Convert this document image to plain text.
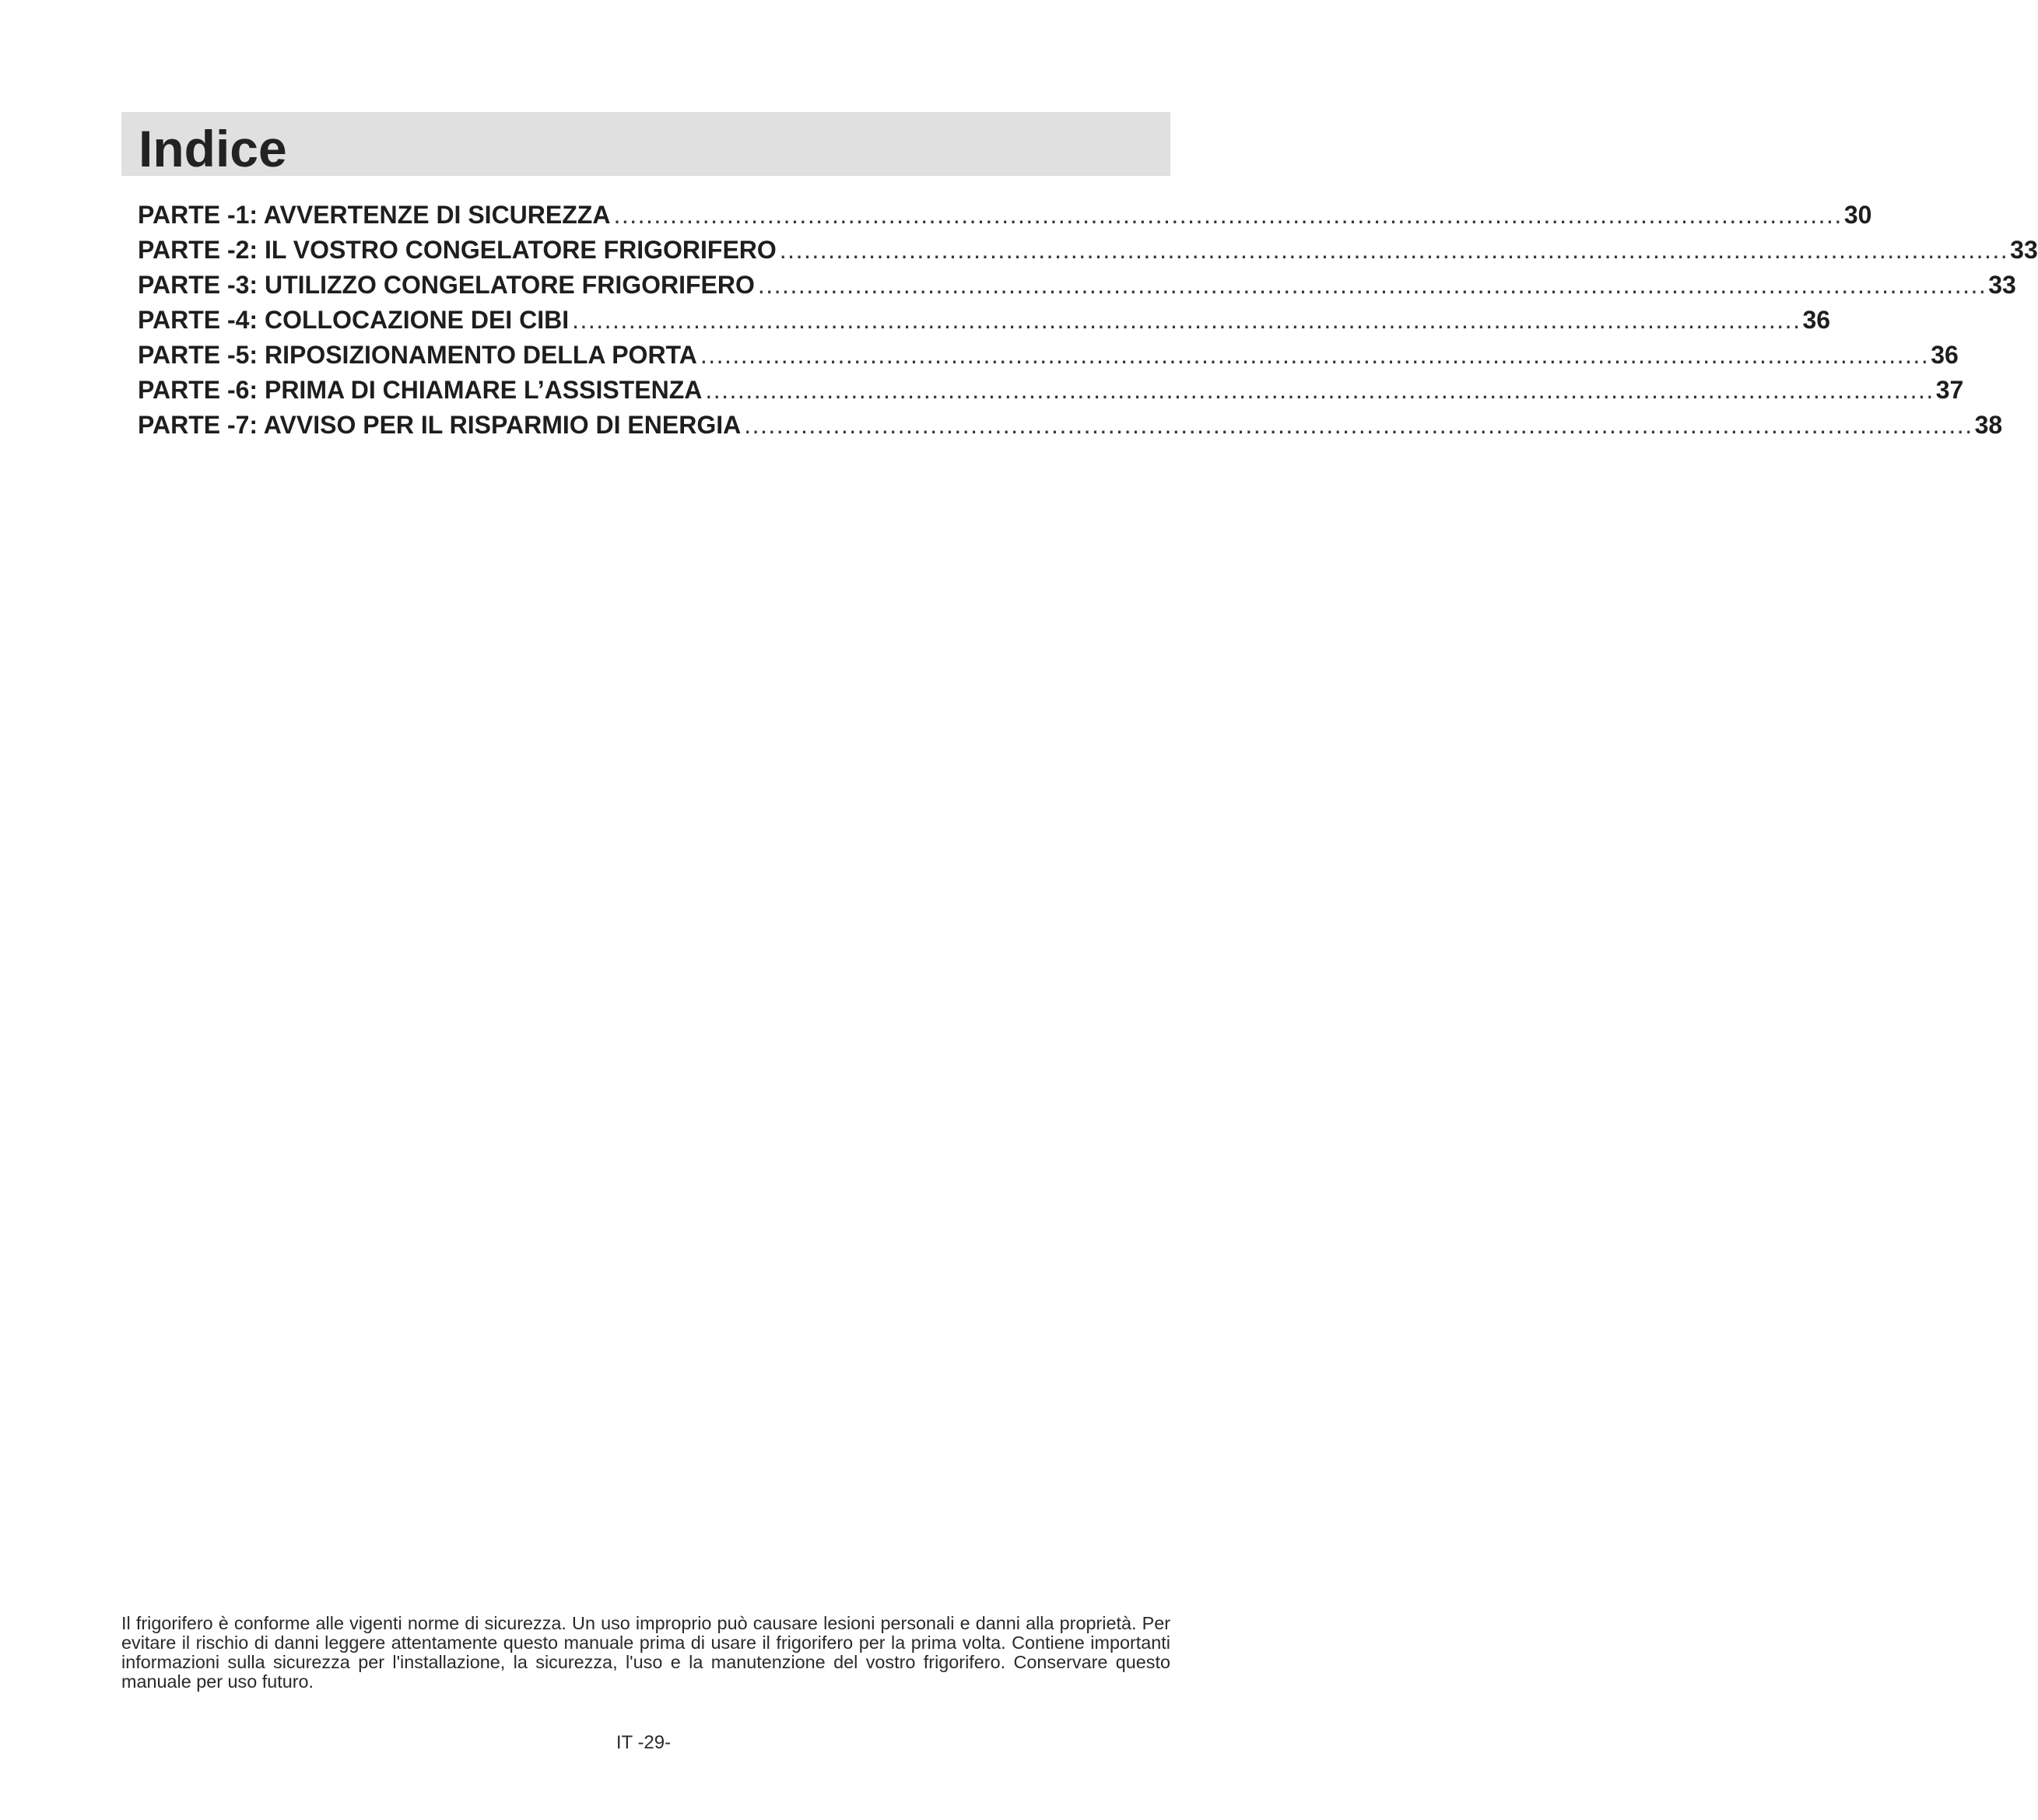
Indice
PARTE -1: AVVERTENZE DI SICUREZZA ........................................................................................................................................................ 30
PARTE -2: IL VOSTRO CONGELATORE FRIGORIFERO ........................................................................................................................................................ 33
PARTE -3: UTILIZZO CONGELATORE FRIGORIFERO ........................................................................................................................................................ 33
PARTE -4: COLLOCAZIONE DEI CIBI ........................................................................................................................................................ 36
PARTE -5: RIPOSIZIONAMENTO DELLA PORTA ........................................................................................................................................................ 36
PARTE -6: PRIMA DI CHIAMARE L’ASSISTENZA ........................................................................................................................................................ 37
PARTE -7: AVVISO PER IL RISPARMIO DI ENERGIA ........................................................................................................................................................ 38

Il frigorifero è conforme alle vigenti norme di sicurezza. Un uso improprio può causare lesioni personali e danni alla proprietà. Per evitare il rischio di danni leggere attentamente questo manuale prima di usare il frigorifero per la prima volta. Contiene importanti informazioni sulla sicurezza per l'installazione, la sicurezza, l'uso e la manutenzione del vostro frigorifero. Conservare questo manuale per uso futuro.

IT -29-
